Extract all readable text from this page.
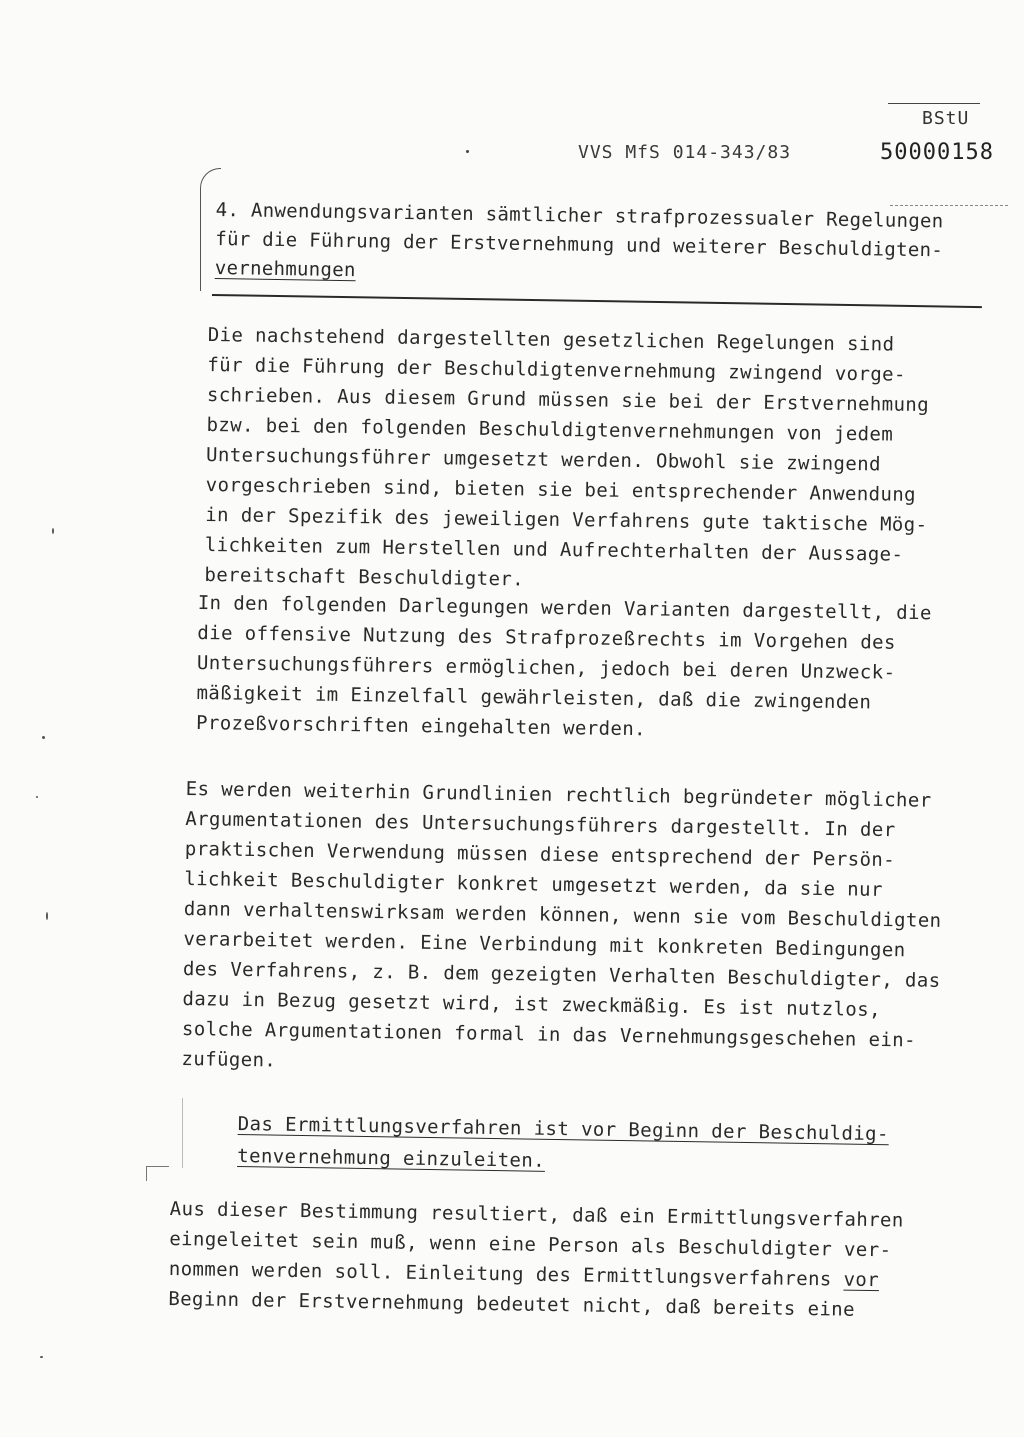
BStU
VVS MfS 014-343/83	50000158
4. Anwendungsvarianten sämtlicher strafprozessualer Regelungen
für die Führung der Erstvernehmung und weiterer Beschuldigten-
vernehmungen
Die nachstehend dargestellten gesetzlichen Regelungen sind
für die Führung der Beschuldigtenvernehmung zwingend vorge-
schrieben. Aus diesem Grund müssen sie bei der Erstvernehmung
bzw. bei den folgenden Beschuldigtenvernehmungen von jedem
Untersuchungsführer umgesetzt werden. Obwohl sie zwingend
vorgeschrieben sind, bieten sie bei entsprechender Anwendung
in der Spezifik des jeweiligen Verfahrens gute taktische Mög-
lichkeiten zum Herstellen und Aufrechterhalten der Aussage-
bereitschaft Beschuldigter.
In den folgenden Darlegungen werden Varianten dargestellt, die
die offensive Nutzung des Strafprozeßrechts im Vorgehen des
Untersuchungsführers ermöglichen, jedoch bei deren Unzweck-
mäßigkeit im Einzelfall gewährleisten, daß die zwingenden
Prozeßvorschriften eingehalten werden.
Es werden weiterhin Grundlinien rechtlich begründeter möglicher
Argumentationen des Untersuchungsführers dargestellt. In der
praktischen Verwendung müssen diese entsprechend der Persön-
lichkeit Beschuldigter konkret umgesetzt werden, da sie nur
dann verhaltenswirksam werden können, wenn sie vom Beschuldigten
verarbeitet werden. Eine Verbindung mit konkreten Bedingungen
des Verfahrens, z. B. dem gezeigten Verhalten Beschuldigter, das
dazu in Bezug gesetzt wird, ist zweckmäßig. Es ist nutzlos,
solche Argumentationen formal in das Vernehmungsgeschehen ein-
zufügen.
Das Ermittlungsverfahren ist vor Beginn der Beschuldig-
tenvernehmung einzuleiten.
Aus dieser Bestimmung resultiert, daß ein Ermittlungsverfahren
eingeleitet sein muß, wenn eine Person als Beschuldigter ver-
nommen werden soll. Einleitung des Ermittlungsverfahrens vor
Beginn der Erstvernehmung bedeutet nicht, daß bereits eine
